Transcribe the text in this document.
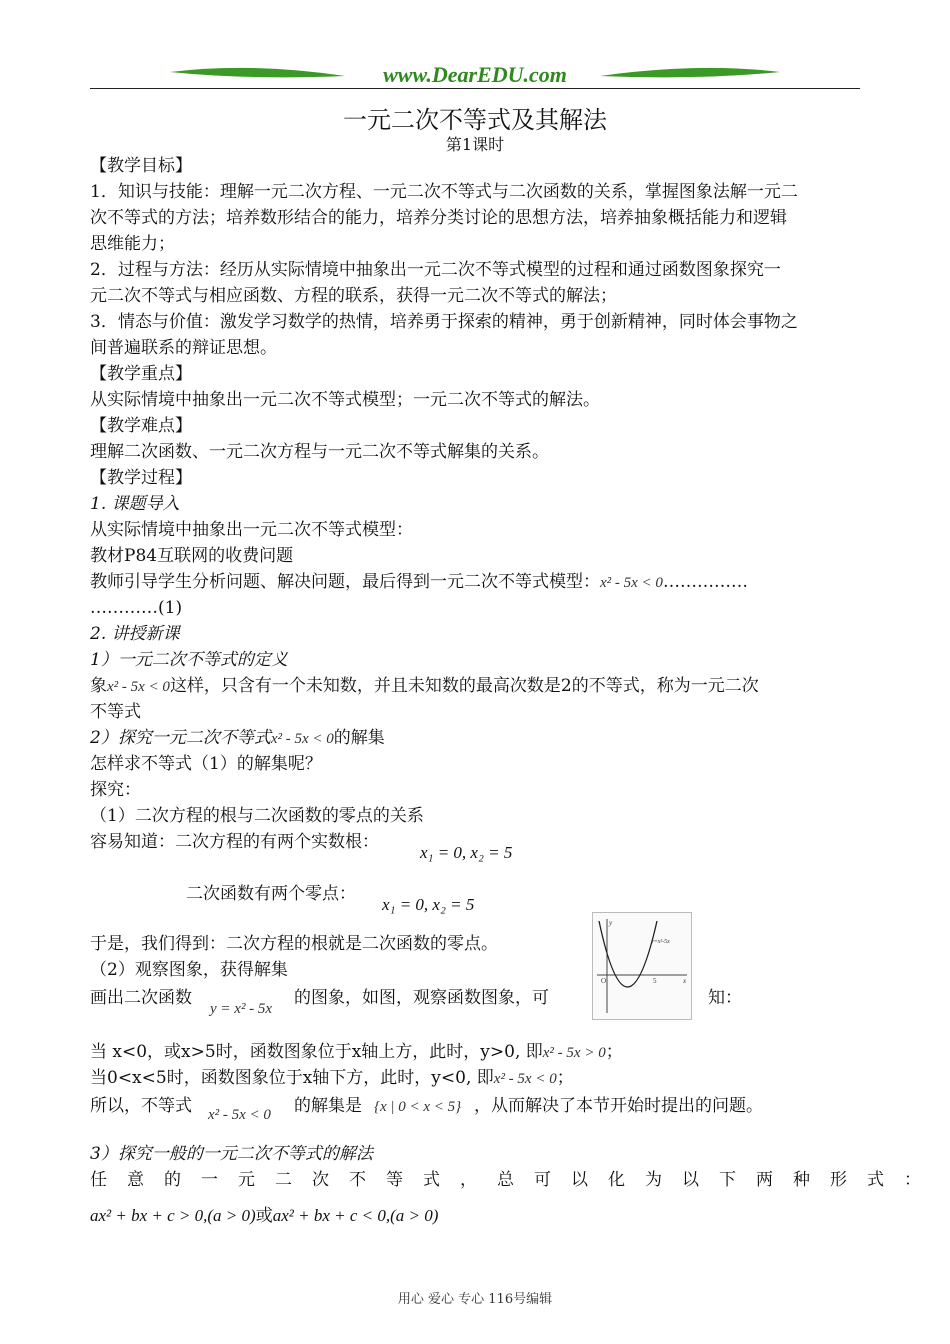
www.DearEDU.com
一元二次不等式及其解法
第1课时
【教学目标】
1．知识与技能：理解一元二次方程、一元二次不等式与二次函数的关系，掌握图象法解一元二
次不等式的方法；培养数形结合的能力，培养分类讨论的思想方法，培养抽象概括能力和逻辑
思维能力；
2．过程与方法：经历从实际情境中抽象出一元二次不等式模型的过程和通过函数图象探究一
元二次不等式与相应函数、方程的联系，获得一元二次不等式的解法；
3．情态与价值：激发学习数学的热情，培养勇于探索的精神，勇于创新精神，同时体会事物之
间普遍联系的辩证思想。
【教学重点】
从实际情境中抽象出一元二次不等式模型；一元二次不等式的解法。
【教学难点】
理解二次函数、一元二次方程与一元二次不等式解集的关系。
【教学过程】
1. 课题导入
从实际情境中抽象出一元二次不等式模型：
教材P84互联网的收费问题
教师引导学生分析问题、解决问题，最后得到一元二次不等式模型：x² - 5x < 0……………
…………(1)
2. 讲授新课
1）一元二次不等式的定义
象x² - 5x < 0这样，只含有一个未知数，并且未知数的最高次数是2的不等式，称为一元二次
不等式
2）探究一元二次不等式x² - 5x < 0的解集
怎样求不等式（1）的解集呢？
探究：
（1）二次方程的根与二次函数的零点的关系
容易知道：二次方程的有两个实数根：
x₁ = 0, x₂ = 5
二次函数有两个零点：
x₁ = 0, x₂ = 5
于是，我们得到：二次方程的根就是二次函数的零点。
（2）观察图象，获得解集
画出二次函数
y = x² - 5x
的图象，如图，观察函数图象，可	知：
y=x²-5x
O	5	x
y
当 x<0，或x>5时，函数图象位于x轴上方，此时，y>0, 即x² - 5x > 0；
当0<x<5时，函数图象位于x轴下方，此时，y<0, 即x² - 5x < 0；
所以，不等式 x² - 5x < 0 的解集是 {x | 0 < x < 5} ，从而解决了本节开始时提出的问题。
3）探究一般的一元二次不等式的解法
任意的一元二次不等式，总可以化为以下两种形式：
ax² + bx + c > 0,(a > 0)或ax² + bx + c < 0,(a > 0)
用心 爱心 专心 116号编辑
